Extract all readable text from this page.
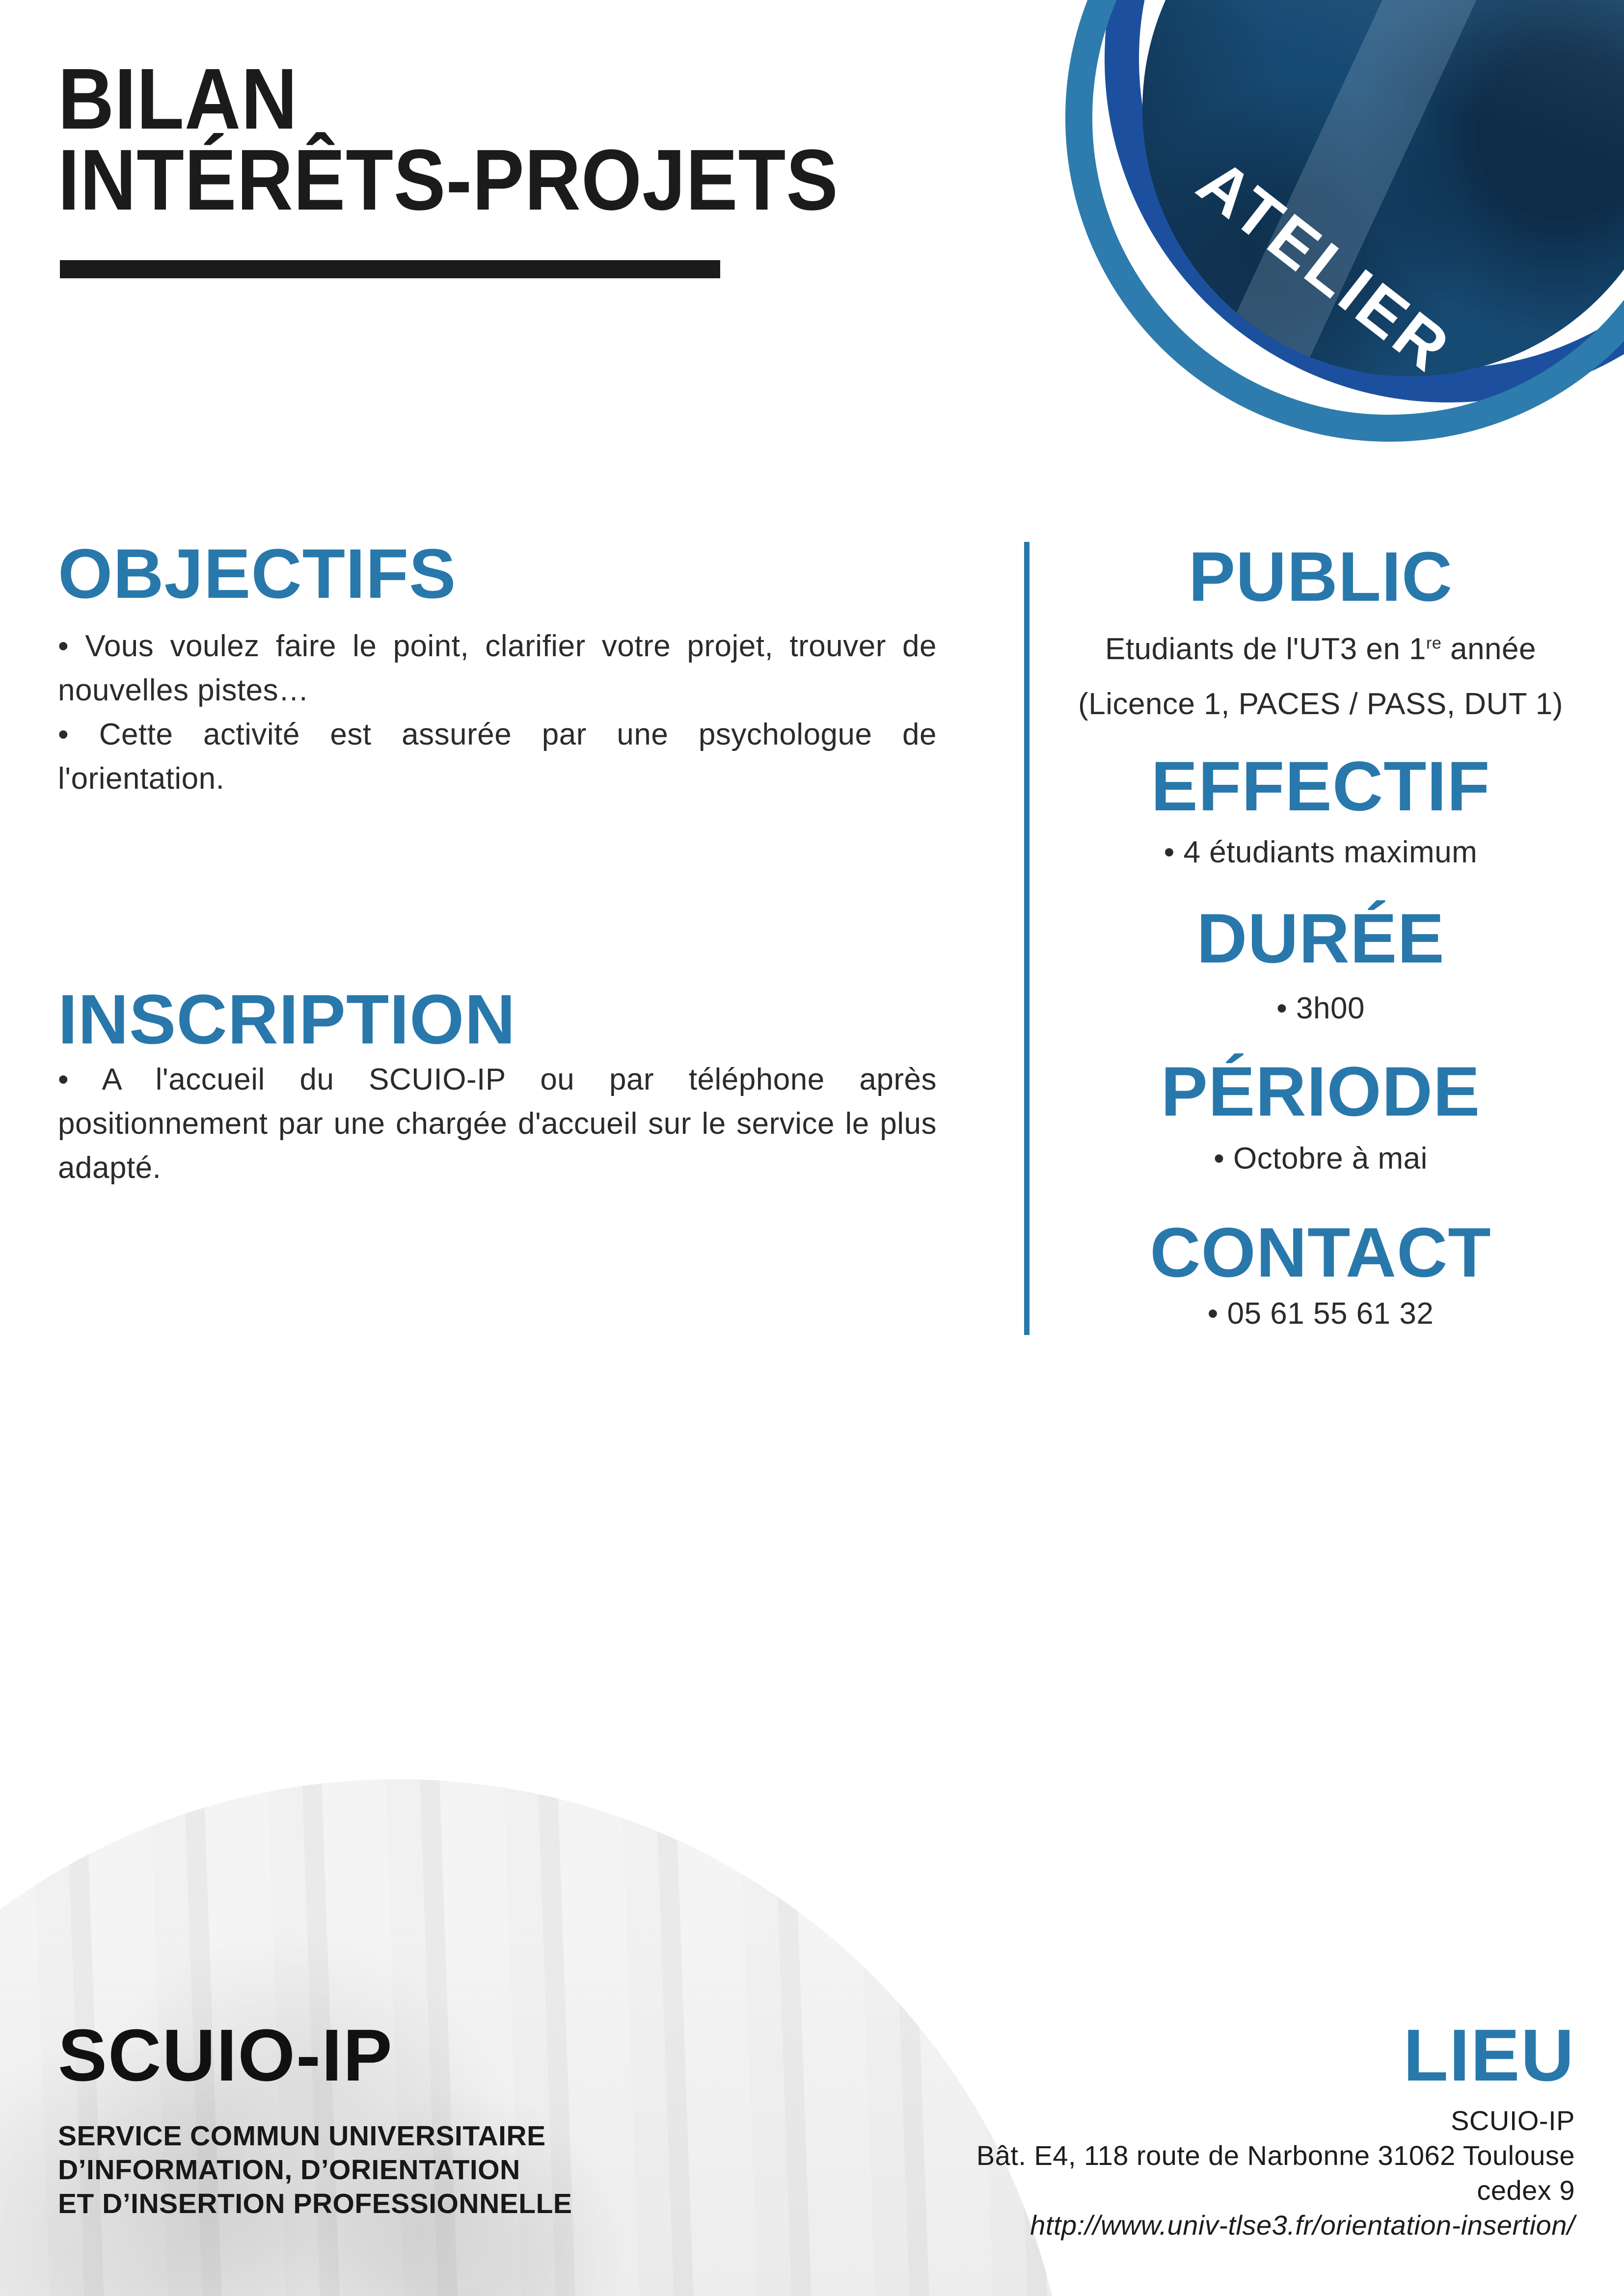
ATELIER
BILAN
INTÉRÊTS-PROJETS
OBJECTIFS

• Vous voulez faire le point, clarifier votre projet, trouver de nouvelles pistes…

• Cette activité est assurée par une psychologue de l'orientation.

INSCRIPTION

• A l'accueil du SCUIO-IP ou par téléphone après positionnement par une chargée d'accueil sur le service le plus adapté.

PUBLIC

Etudiants de l'UT3 en 1re année

(Licence 1, PACES / PASS, DUT 1)

EFFECTIF

• 4 étudiants maximum

DURÉE

• 3h00

PÉRIODE

• Octobre à mai

CONTACT

• 05 61 55 61 32

SCUIO-IP

SERVICE COMMUN UNIVERSITAIRE
D’INFORMATION, D’ORIENTATION
ET D’INSERTION PROFESSIONNELLE

LIEU

SCUIO-IP
Bât. E4, 118 route de Narbonne 31062 Toulouse
cedex 9
http://www.univ-tlse3.fr/orientation-insertion/
